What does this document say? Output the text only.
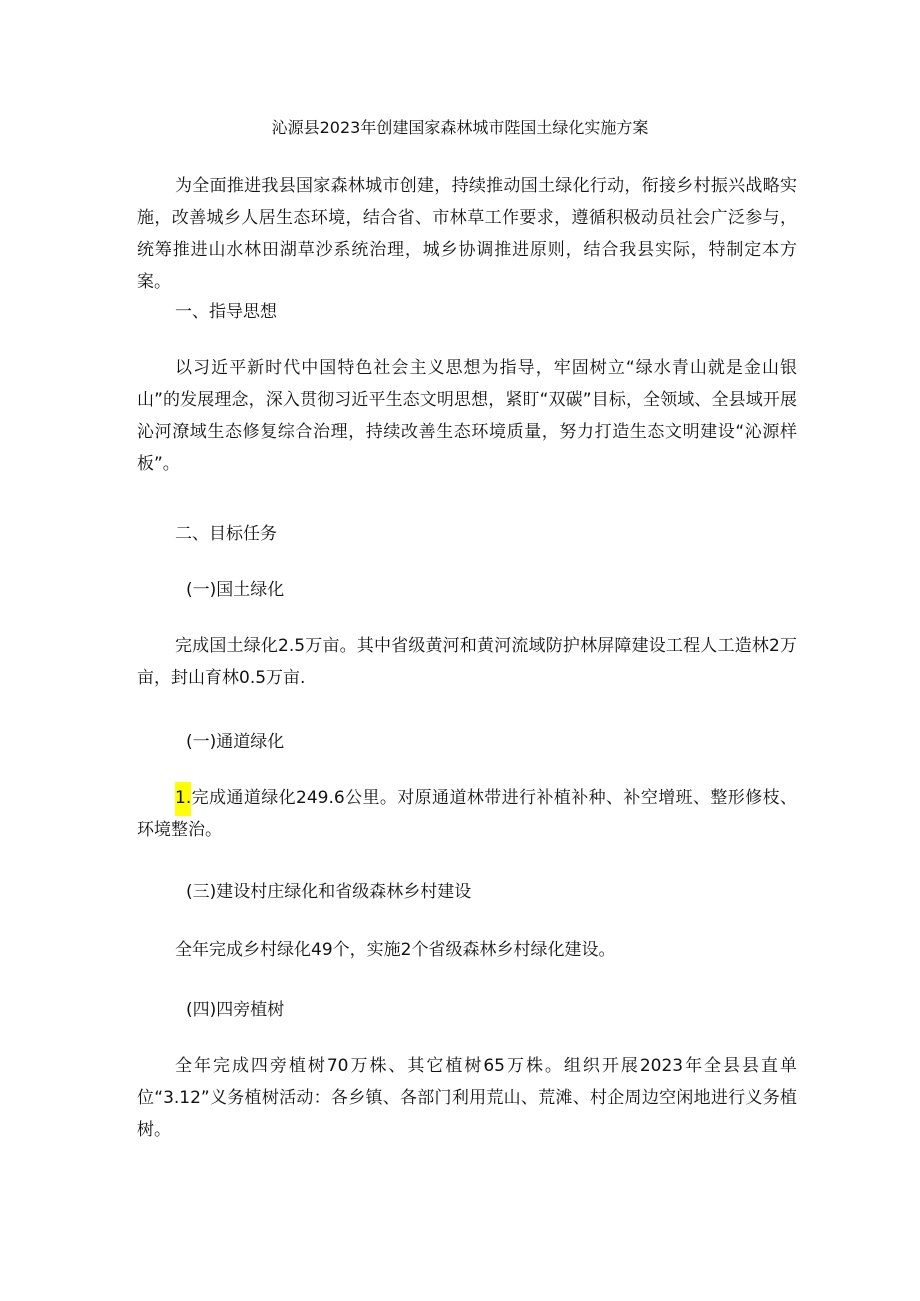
沁源县2023年创建国家森林城市陛国土绿化实施方案

为全面推进我县国家森林城市创建，持续推动国土绿化行动，衔接乡村振兴战略实施，改善城乡人居生态环境，结合省、市林草工作要求，遵循积极动员社会广泛参与，统筹推进山水林田湖草沙系统治理，城乡协调推进原则，结合我县实际，特制定本方案。

一、指导思想

以习近平新时代中国特色社会主义思想为指导，牢固树立“绿水青山就是金山银山”的发展理念，深入贯彻习近平生态文明思想，紧盯“双碳”目标，全领域、全县域开展沁河潦域生态修复综合治理，持续改善生态环境质量，努力打造生态文明建设“沁源样板”。

二、目标任务
(一)国土绿化

完成国土绿化2.5万亩。其中省级黄河和黄河流域防护林屏障建设工程人工造林2万亩，封山育林0.5万亩.

(一)通道绿化

1.完成通道绿化249.6公里。对原通道林带进行补植补种、补空增班、整形修枝、环境整治。

(三)建设村庄绿化和省级森林乡村建设

全年完成乡村绿化49个，实施2个省级森林乡村绿化建设。

(四)四旁植树

全年完成四旁植树70万株、其它植树65万株。组织开展2023年全县县直单位“3.12”义务植树活动：各乡镇、各部门利用荒山、荒滩、村企周边空闲地进行义务植树。
